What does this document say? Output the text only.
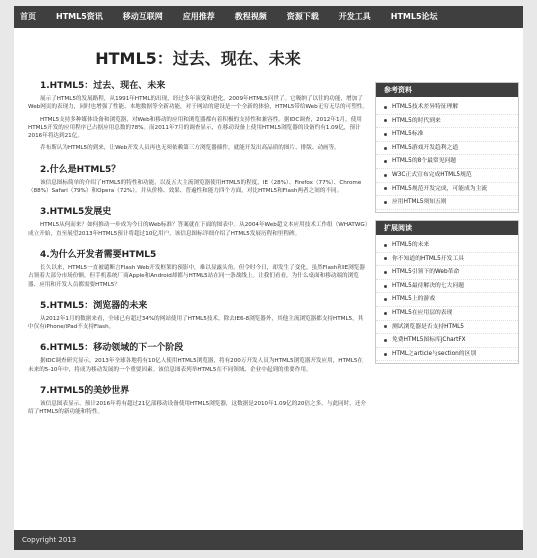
首页	HTML5资讯	移动互联网	应用推荐	教程视频	资源下载	开发工具	HTML5论坛
HTML5：过去、现在、未来
1.HTML5：过去、现在、未来

展示了HTML5的发展路程，从1991年HTML的出现，经过多年演变和进化，2009年HTML5问世了。它吸纳了以往的功能，增加了Web网页的表现力，同时也增强了性能、本地数据等全新功能，对于网站的建设是一个全新的体验，HTML5带给Web无穷无尽的可塑性。

HTML5支持多种媒体设备和浏览器，对Web和移动的应用和浏览器都有着积极的支持性和兼容性。据IDC调查，2012年1月，使用HTML5开发的应用程序已占据应用总数的78%。而2011年7月的调查显示，在移动设备上使用HTML5浏览器的设备约有1.09亿，预计2016年将达到21亿。

乔布斯认为HTML5的到来，让Web开发人员再也无须依赖第三方浏览器插件，就能开发出高品质的图片、排版、动画等。

2.什么是HTML5？

该信息图标简单的介绍了HTML5的特性和功能，以及五大主流浏览器使用HTML5的程度，IE（28%）、Firefox（77%）、Chrome（88%）Safari（79%）和Opera（72%）。并从价格、效果、普遍性和能力四个方面，对比HTML5和Flash两者之间的不同。

3.HTML5发展史

HTML5从何而来？如何推动一步成为今日的Web标准？答案就在下面的图表中。从2004年Web超文本应用技术工作组（WHATWG）成立开始，直至展望2013年HTML5预计将超过10亿用户，该信息图标详细介绍了HTML5发展历程和里程碑。

4.为什么开发者需要HTML5

长久以来，HTML5一直被谴断言Flash Web开发框架的预影中，难以显露头角。但令时今日，却发生了变化。虽然Flash和IE浏览器占领着大部分市场份额，但手机系统厂商Apple和Android却都与HTML5站在同一条战线上。让我们看看，为什么桌面和移动端的浏览器、应用和开发人员都需要HTML5？

5.HTML5：浏览器的未来

从2012年1月的数据来看，全球已有超过34%的网站使用了HTML5技术。除去IE6-8浏览器外，其他主流浏览器都支持HTML5，其中仅有iPhone/iPad不支持Flash。

6.HTML5：移动领域的下一个阶段

据IDC调查研究显示，2013年全球各地将有10亿人使用HTML5浏览器，将有200万开发人员为HTML5浏览器开发应用，HTML5在未来的5-10年中，将成为移动发展的一个重要因素。该信息图表列举HTML5在不同领域、企业中起到的重要作用。

7.HTML5的美妙世界

该信息图表显示，预计2016年将有超过21亿部移动设备使用HTML5浏览器，这数据是2010年1.09亿的20倍之多。与此同时，还介绍了HTML5的新功能和特性。

参考资料
HTML5技术差异特征理解
HTML5的时代到来
HTML5标准
HTML5游戏开发趋利之道
HTML5的8个最常见问题
W3C正式宣布完成HTML5规范
HTML5规范开发完成，可能成为主流
应用HTML5须知五则
扩展阅读
HTML5的未来
你不知道的HTML5开发工具
HTML5引领下的Web革命
HTML5最待解决的七大问题
HTML5上的游戏
HTML5在应用层的表现
测试浏览器是否支持HTML5
免费HTML5图标库jChartFX
HTML之article与section的区别
Copyright 2013
